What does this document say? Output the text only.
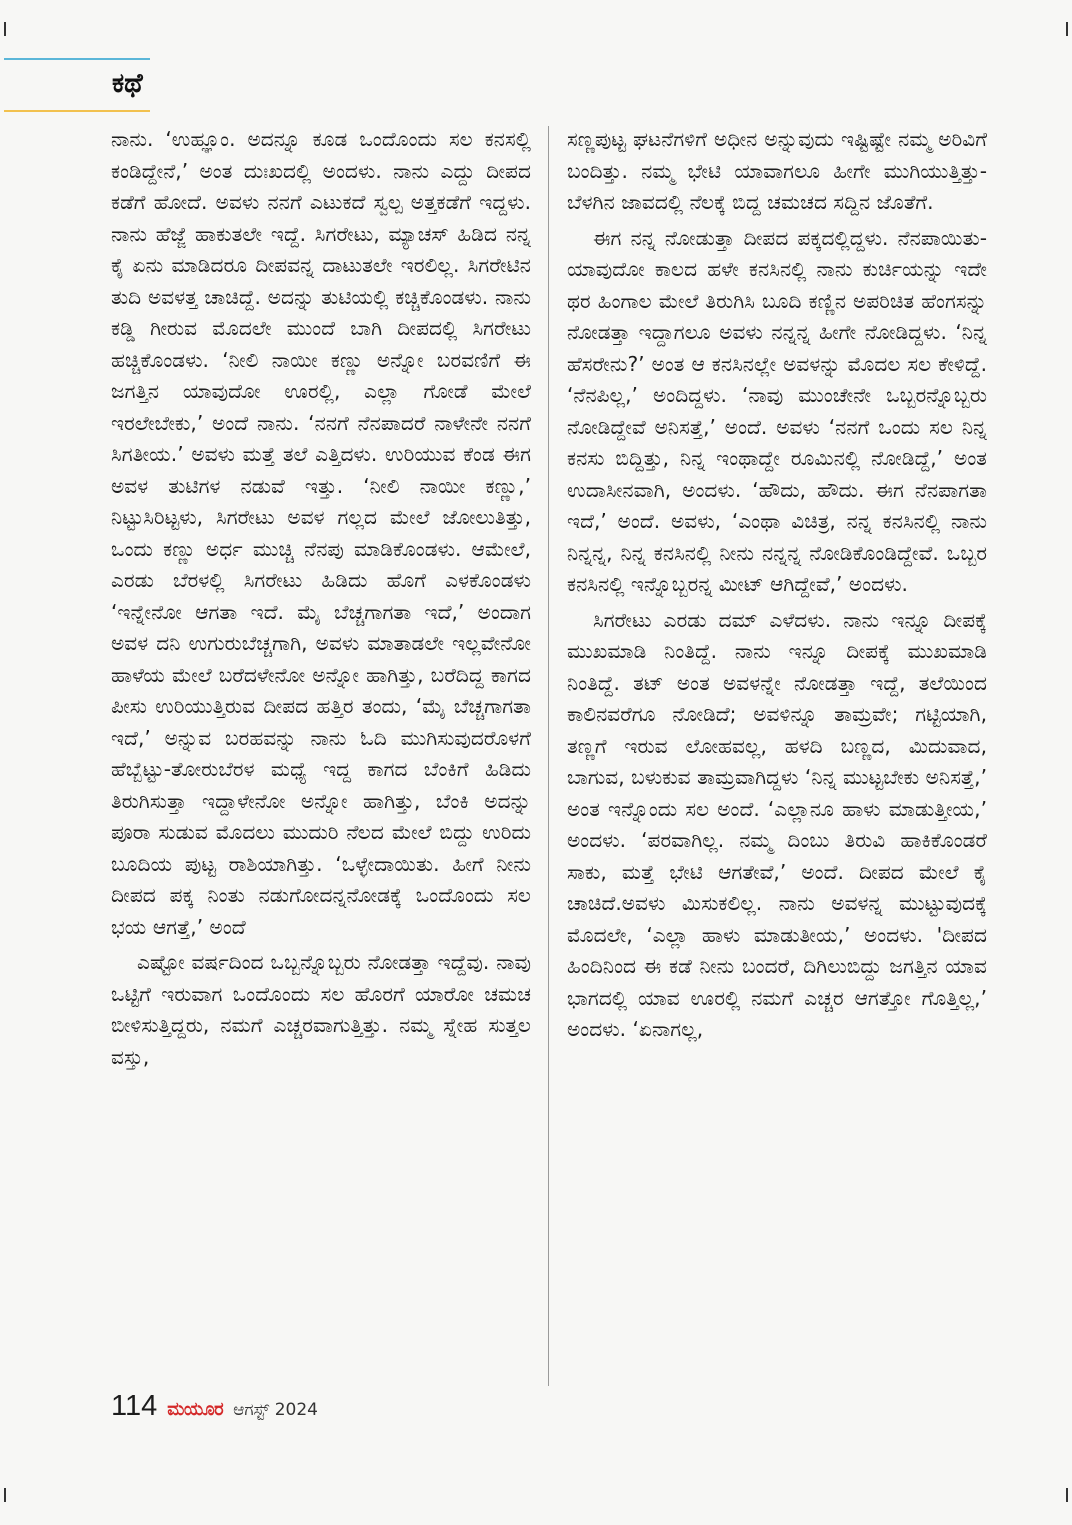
ಕಥೆ

ನಾನು. ‘ಉಹ್ಞೂಂ. ಅದನ್ನೂ ಕೂಡ ಒಂದೊಂದು ಸಲ ಕನಸಲ್ಲಿ ಕಂಡಿದ್ದೇನೆ,’ ಅಂತ ದುಃಖದಲ್ಲಿ ಅಂದಳು. ನಾನು ಎದ್ದು ದೀಪದ ಕಡೆಗೆ ಹೋದೆ. ಅವಳು ನನಗೆ ಎಟುಕದೆ ಸ್ವಲ್ಪ ಅತ್ತಕಡೆಗೆ ಇದ್ದಳು. ನಾನು ಹೆಜ್ಜೆ ಹಾಕುತಲೇ ಇದ್ದೆ. ಸಿಗರೇಟು, ಮ್ಯಾಚಸ್ ಹಿಡಿದ ನನ್ನ ಕೈ ಏನು ಮಾಡಿದರೂ ದೀಪವನ್ನ ದಾಟುತಲೇ ಇರಲಿಲ್ಲ. ಸಿಗರೇಟಿನ ತುದಿ ಅವಳತ್ತ ಚಾಚಿದ್ದೆ. ಅದನ್ನು ತುಟಿಯಲ್ಲಿ ಕಚ್ಚಿಕೊಂಡಳು. ನಾನು ಕಡ್ಡಿ ಗೀರುವ ಮೊದಲೇ ಮುಂದೆ ಬಾಗಿ ದೀಪದಲ್ಲಿ ಸಿಗರೇಟು ಹಚ್ಚಿಕೊಂಡಳು. ‘ನೀಲಿ ನಾಯೀ ಕಣ್ಣು ಅನ್ನೋ ಬರವಣಿಗೆ ಈ ಜಗತ್ತಿನ ಯಾವುದೋ ಊರಲ್ಲಿ, ಎಲ್ಲಾ ಗೋಡೆ ಮೇಲೆ ಇರಲೇಬೇಕು,’ ಅಂದೆ ನಾನು. ‘ನನಗೆ ನೆನಪಾದರೆ ನಾಳೇನೇ ನನಗೆ ಸಿಗತೀಯ.’ ಅವಳು ಮತ್ತೆ ತಲೆ ಎತ್ತಿದಳು. ಉರಿಯುವ ಕೆಂಡ ಈಗ ಅವಳ ತುಟಿಗಳ ನಡುವೆ ಇತ್ತು. ‘ನೀಲಿ ನಾಯೀ ಕಣ್ಣು,’ ನಿಟ್ಟುಸಿರಿಟ್ಟಳು, ಸಿಗರೇಟು ಅವಳ ಗಲ್ಲದ ಮೇಲೆ ಜೋಲುತಿತ್ತು, ಒಂದು ಕಣ್ಣು ಅರ್ಧ ಮುಚ್ಚಿ ನೆನಪು ಮಾಡಿಕೊಂಡಳು. ಆಮೇಲೆ, ಎರಡು ಬೆರಳಲ್ಲಿ ಸಿಗರೇಟು ಹಿಡಿದು ಹೊಗೆ ಎಳಕೊಂಡಳು ‘ಇನ್ನೇನೋ ಆಗತಾ ಇದೆ. ಮೈ ಬೆಚ್ಚಗಾಗತಾ ಇದೆ,’ ಅಂದಾಗ ಅವಳ ದನಿ ಉಗುರುಬೆಚ್ಚಗಾಗಿ, ಅವಳು ಮಾತಾಡಲೇ ಇಲ್ಲವೇನೋ ಹಾಳೆಯ ಮೇಲೆ ಬರೆದಳೇನೋ ಅನ್ನೋ ಹಾಗಿತ್ತು, ಬರೆದಿದ್ದ ಕಾಗದ ಪೀಸು ಉರಿಯುತ್ತಿರುವ ದೀಪದ ಹತ್ತಿರ ತಂದು, ‘ಮೈ ಬೆಚ್ಚಗಾಗತಾ ಇದೆ,’ ಅನ್ನುವ ಬರಹವನ್ನು ನಾನು ಓದಿ ಮುಗಿಸುವುದರೊಳಗೆ ಹೆಬ್ಬೆಟ್ಟು-ತೋರುಬೆರಳ ಮಧ್ಯೆ ಇದ್ದ ಕಾಗದ ಬೆಂಕಿಗೆ ಹಿಡಿದು ತಿರುಗಿಸುತ್ತಾ ಇದ್ದಾಳೇನೋ ಅನ್ನೋ ಹಾಗಿತ್ತು, ಬೆಂಕಿ ಅದನ್ನು ಪೂರಾ ಸುಡುವ ಮೊದಲು ಮುದುರಿ ನೆಲದ ಮೇಲೆ ಬಿದ್ದು ಉರಿದು ಬೂದಿಯ ಪುಟ್ಟ ರಾಶಿಯಾಗಿತ್ತು. ‘ಒಳ್ಳೇದಾಯಿತು. ಹೀಗೆ ನೀನು ದೀಪದ ಪಕ್ಕ ನಿಂತು ನಡುಗೋದನ್ನನೋಡಕ್ಕೆ ಒಂದೊಂದು ಸಲ ಭಯ ಆಗತ್ತೆ,’ ಅಂದೆ

ಎಷ್ಟೋ ವರ್ಷದಿಂದ ಒಬ್ಬನ್ನೊಬ್ಬರು ನೋಡತ್ತಾ ಇದ್ದೆವು. ನಾವು ಒಟ್ಟಿಗೆ ಇರುವಾಗ ಒಂದೊಂದು ಸಲ ಹೊರಗೆ ಯಾರೋ ಚಮಚ ಬೀಳಿಸುತ್ತಿದ್ದರು, ನಮಗೆ ಎಚ್ಚರವಾಗುತ್ತಿತ್ತು. ನಮ್ಮ ಸ್ನೇಹ ಸುತ್ತಲ ವಸ್ತು,

ಸಣ್ಣಪುಟ್ಟ ಘಟನೆಗಳಿಗೆ ಅಧೀನ ಅನ್ನುವುದು ಇಷ್ಟಿಷ್ಟೇ ನಮ್ಮ ಅರಿವಿಗೆ ಬಂದಿತ್ತು. ನಮ್ಮ ಭೇಟಿ ಯಾವಾಗಲೂ ಹೀಗೇ ಮುಗಿಯುತ್ತಿತ್ತು-ಬೆಳಗಿನ ಜಾವದಲ್ಲಿ ನೆಲಕ್ಕೆ ಬಿದ್ದ ಚಮಚದ ಸದ್ದಿನ ಜೊತೆಗೆ.

ಈಗ ನನ್ನ ನೋಡುತ್ತಾ ದೀಪದ ಪಕ್ಕದಲ್ಲಿದ್ದಳು. ನೆನಪಾಯಿತು- ಯಾವುದೋ ಕಾಲದ ಹಳೇ ಕನಸಿನಲ್ಲಿ ನಾನು ಕುರ್ಚಿಯನ್ನು ಇದೇ ಥರ ಹಿಂಗಾಲ ಮೇಲೆ ತಿರುಗಿಸಿ ಬೂದಿ ಕಣ್ಣಿನ ಅಪರಿಚಿತ ಹೆಂಗಸನ್ನು ನೋಡತ್ತಾ ಇದ್ದಾಗಲೂ ಅವಳು ನನ್ನನ್ನ ಹೀಗೇ ನೋಡಿದ್ದಳು. ‘ನಿನ್ನ ಹೆಸರೇನು?’ ಅಂತ ಆ ಕನಸಿನಲ್ಲೇ ಅವಳನ್ನು ಮೊದಲ ಸಲ ಕೇಳಿದ್ದೆ. ‘ನೆನಪಿಲ್ಲ,’ ಅಂದಿದ್ದಳು. ‘ನಾವು ಮುಂಚೇನೇ ಒಬ್ಬರನ್ನೊಬ್ಬರು ನೋಡಿದ್ದೇವೆ ಅನಿಸತ್ತೆ,’ ಅಂದೆ. ಅವಳು ‘ನನಗೆ ಒಂದು ಸಲ ನಿನ್ನ ಕನಸು ಬಿದ್ದಿತ್ತು, ನಿನ್ನ ಇಂಥಾದ್ದೇ ರೂಮಿನಲ್ಲಿ ನೋಡಿದ್ದೆ,’ ಅಂತ ಉದಾಸೀನವಾಗಿ, ಅಂದಳು. ‘ಹೌದು, ಹೌದು. ಈಗ ನೆನಪಾಗತಾ ಇದೆ,’ ಅಂದೆ. ಅವಳು, ‘ಎಂಥಾ ವಿಚಿತ್ರ, ನನ್ನ ಕನಸಿನಲ್ಲಿ ನಾನು ನಿನ್ನನ್ನ, ನಿನ್ನ ಕನಸಿನಲ್ಲಿ ನೀನು ನನ್ನನ್ನ ನೋಡಿಕೊಂಡಿದ್ದೇವೆ. ಒಬ್ಬರ ಕನಸಿನಲ್ಲಿ ಇನ್ನೊಬ್ಬರನ್ನ ಮೀಟ್ ಆಗಿದ್ದೇವೆ,’ ಅಂದಳು.

ಸಿಗರೇಟು ಎರಡು ದಮ್ ಎಳೆದಳು. ನಾನು ಇನ್ನೂ ದೀಪಕ್ಕೆ ಮುಖಮಾಡಿ ನಿಂತಿದ್ದೆ. ನಾನು ಇನ್ನೂ ದೀಪಕ್ಕೆ ಮುಖಮಾಡಿ ನಿಂತಿದ್ದೆ. ತಟ್ ಅಂತ ಅವಳನ್ನೇ ನೋಡತ್ತಾ ಇದ್ದೆ, ತಲೆಯಿಂದ ಕಾಲಿನವರೆಗೂ ನೋಡಿದೆ; ಅವಳಿನ್ನೂ ತಾಮ್ರವೇ; ಗಟ್ಟಿಯಾಗಿ, ತಣ್ಣಗೆ ಇರುವ ಲೋಹವಲ್ಲ, ಹಳದಿ ಬಣ್ಣದ, ಮಿದುವಾದ, ಬಾಗುವ, ಬಳುಕುವ ತಾಮ್ರವಾಗಿದ್ದಳು ‘ನಿನ್ನ ಮುಟ್ಟಬೇಕು ಅನಿಸತ್ತೆ,’ ಅಂತ ಇನ್ನೊಂದು ಸಲ ಅಂದೆ. ‘ಎಲ್ಲಾನೂ ಹಾಳು ಮಾಡುತ್ತೀಯ,’ ಅಂದಳು. ‘ಪರವಾಗಿಲ್ಲ. ನಮ್ಮ ದಿಂಬು ತಿರುವಿ ಹಾಕಿಕೊಂಡರೆ ಸಾಕು, ಮತ್ತೆ ಭೇಟಿ ಆಗತೇವೆ,’ ಅಂದೆ. ದೀಪದ ಮೇಲೆ ಕೈ ಚಾಚಿದೆ.ಅವಳು ಮಿಸುಕಲಿಲ್ಲ. ನಾನು ಅವಳನ್ನ ಮುಟ್ಟುವುದಕ್ಕೆ ಮೊದಲೇ, ‘ಎಲ್ಲಾ ಹಾಳು ಮಾಡುತೀಯ,’ ಅಂದಳು. 'ದೀಪದ ಹಿಂದಿನಿಂದ ಈ ಕಡೆ ನೀನು ಬಂದರೆ, ದಿಗಿಲುಬಿದ್ದು ಜಗತ್ತಿನ ಯಾವ ಭಾಗದಲ್ಲಿ ಯಾವ ಊರಲ್ಲಿ ನಮಗೆ ಎಚ್ಚರ ಆಗತ್ತೋ ಗೊತ್ತಿಲ್ಲ,’ ಅಂದಳು. ‘ಏನಾಗಲ್ಲ,

114 ಮಯೂರ ಆಗಸ್ಟ್ 2024
